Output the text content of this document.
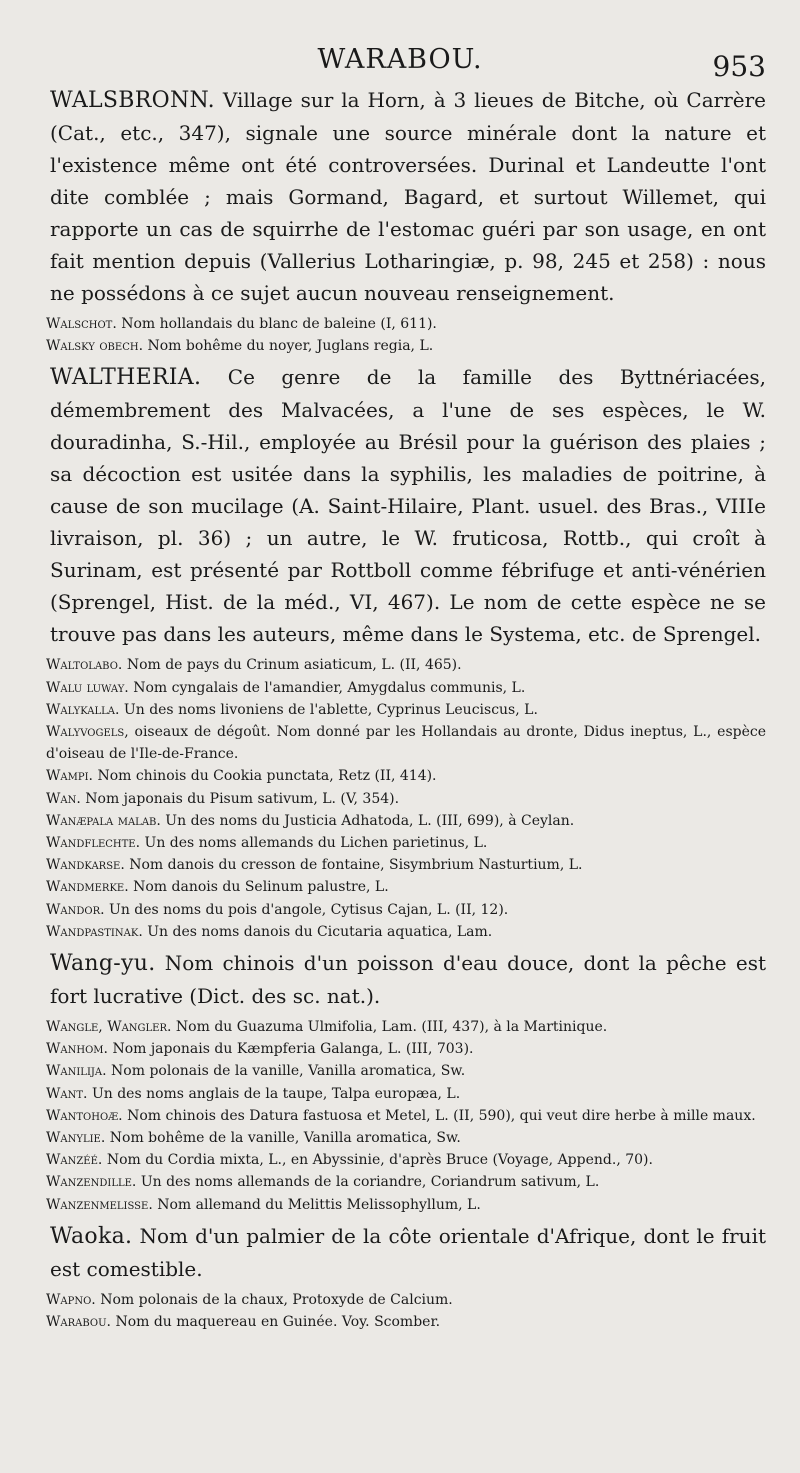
WARABOU.	953

WALSBRONN. Village sur la Horn, à 3 lieues de Bitche, où Carrère (Cat., etc., 347), signale une source minérale dont la nature et l'existence même ont été controversées. Durinal et Landeutte l'ont dite comblée ; mais Gormand, Bagard, et surtout Willemet, qui rapporte un cas de squirrhe de l'estomac guéri par son usage, en ont fait mention depuis (Vallerius Lotharingiæ, p. 98, 245 et 258) : nous ne possédons à ce sujet aucun nouveau renseignement.

Walschot. Nom hollandais du blanc de baleine (I, 611).

Walsky obech. Nom bohême du noyer, Juglans regia, L.

WALTHERIA. Ce genre de la famille des Byttnériacées, démembrement des Malvacées, a l'une de ses espèces, le W. douradinha, S.-Hil., employée au Brésil pour la guérison des plaies ; sa décoction est usitée dans la syphilis, les maladies de poitrine, à cause de son mucilage (A. Saint-Hilaire, Plant. usuel. des Bras., VIIIe livraison, pl. 36) ; un autre, le W. fruticosa, Rottb., qui croît à Surinam, est présenté par Rottboll comme fébrifuge et anti-vénérien (Sprengel, Hist. de la méd., VI, 467). Le nom de cette espèce ne se trouve pas dans les auteurs, même dans le Systema, etc. de Sprengel.

Waltolabo. Nom de pays du Crinum asiaticum, L. (II, 465).

Walu luway. Nom cyngalais de l'amandier, Amygdalus communis, L.

Walykalla. Un des noms livoniens de l'ablette, Cyprinus Leuciscus, L.

Walyvogels, oiseaux de dégoût. Nom donné par les Hollandais au dronte, Didus ineptus, L., espèce d'oiseau de l'Ile-de-France.

Wampi. Nom chinois du Cookia punctata, Retz (II, 414).

Wan. Nom japonais du Pisum sativum, L. (V, 354).

Wanæpala malab. Un des noms du Justicia Adhatoda, L. (III, 699), à Ceylan.

Wandflechte. Un des noms allemands du Lichen parietinus, L.

Wandkarse. Nom danois du cresson de fontaine, Sisymbrium Nasturtium, L.

Wandmerke. Nom danois du Selinum palustre, L.

Wandor. Un des noms du pois d'angole, Cytisus Cajan, L. (II, 12).

Wandpastinak. Un des noms danois du Cicutaria aquatica, Lam.

Wang-yu. Nom chinois d'un poisson d'eau douce, dont la pêche est fort lucrative (Dict. des sc. nat.).

Wangle, Wangler. Nom du Guazuma Ulmifolia, Lam. (III, 437), à la Martinique.

Wanhom. Nom japonais du Kæmpferia Galanga, L. (III, 703).

Wanilija. Nom polonais de la vanille, Vanilla aromatica, Sw.

Want. Un des noms anglais de la taupe, Talpa europæa, L.

Wantohoæ. Nom chinois des Datura fastuosa et Metel, L. (II, 590), qui veut dire herbe à mille maux.

Wanylie. Nom bohême de la vanille, Vanilla aromatica, Sw.

Wanzéé. Nom du Cordia mixta, L., en Abyssinie, d'après Bruce (Voyage, Append., 70).

Wanzendille. Un des noms allemands de la coriandre, Coriandrum sativum, L.

Wanzenmelisse. Nom allemand du Melittis Melissophyllum, L.

Waoka. Nom d'un palmier de la côte orientale d'Afrique, dont le fruit est comestible.

Wapno. Nom polonais de la chaux, Protoxyde de Calcium.

Warabou. Nom du maquereau en Guinée. Voy. Scomber.
